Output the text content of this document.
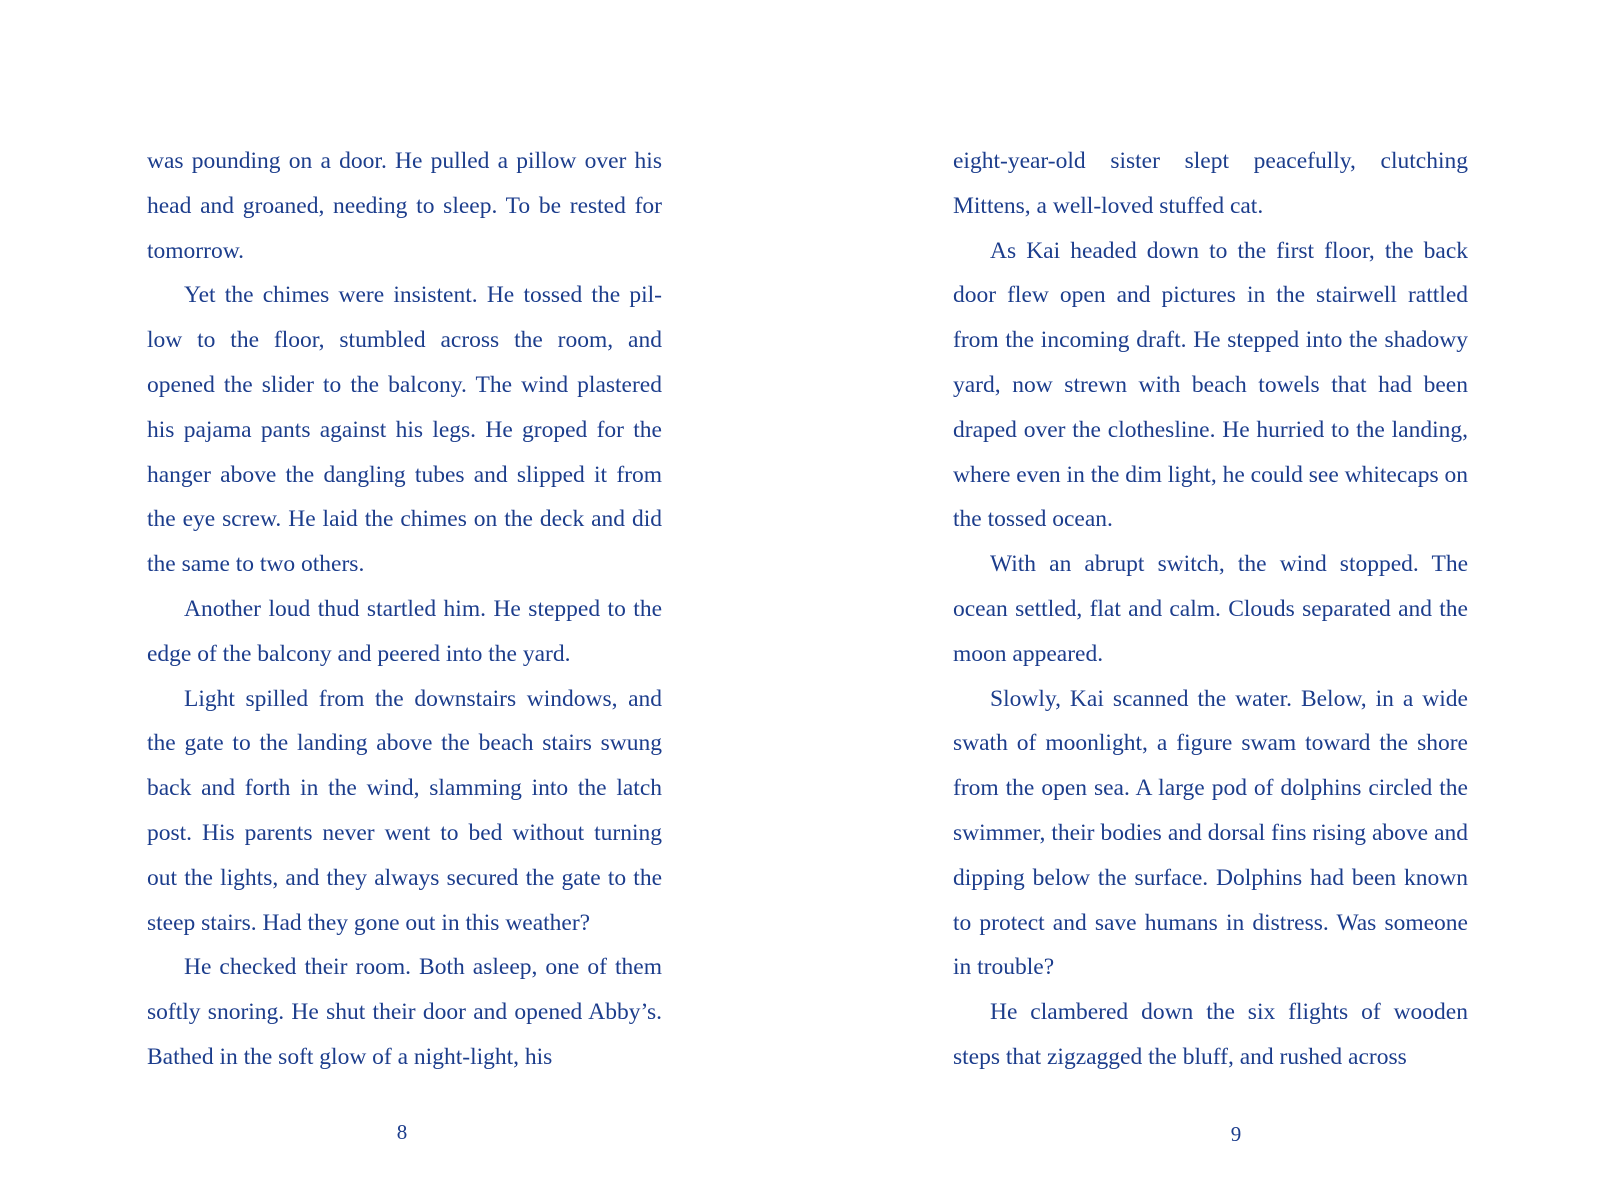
was pounding on a door. He pulled a pillow over his head and groaned, needing to sleep. To be rested for tomorrow.

Yet the chimes were insistent. He tossed the pillow to the floor, stumbled across the room, and opened the slider to the balcony. The wind plastered his pajama pants against his legs. He groped for the hanger above the dangling tubes and slipped it from the eye screw. He laid the chimes on the deck and did the same to two others.

Another loud thud startled him. He stepped to the edge of the balcony and peered into the yard.

Light spilled from the downstairs windows, and the gate to the landing above the beach stairs swung back and forth in the wind, slamming into the latch post. His parents never went to bed without turning out the lights, and they always secured the gate to the steep stairs. Had they gone out in this weather?

He checked their room. Both asleep, one of them softly snoring. He shut their door and opened Abby’s. Bathed in the soft glow of a night-light, his

8

eight-year-old sister slept peacefully, clutching Mittens, a well-loved stuffed cat.

As Kai headed down to the first floor, the back door flew open and pictures in the stairwell rattled from the incoming draft. He stepped into the shadowy yard, now strewn with beach towels that had been draped over the clothesline. He hurried to the landing, where even in the dim light, he could see whitecaps on the tossed ocean.

With an abrupt switch, the wind stopped. The ocean settled, flat and calm. Clouds separated and the moon appeared.

Slowly, Kai scanned the water. Below, in a wide swath of moonlight, a figure swam toward the shore from the open sea. A large pod of dolphins circled the swimmer, their bodies and dorsal fins rising above and dipping below the surface. Dolphins had been known to protect and save humans in distress. Was someone in trouble?

He clambered down the six flights of wooden steps that zigzagged the bluff, and rushed across

9
